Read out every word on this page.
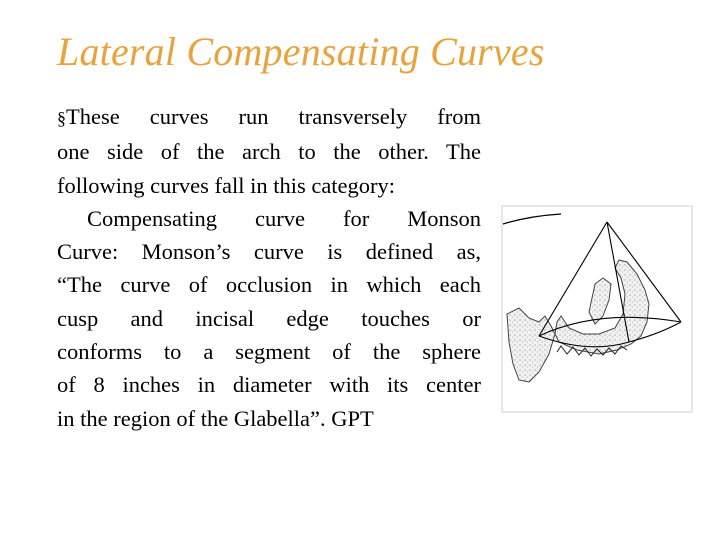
Lateral Compensating Curves
§These curves run transversely from
one side of the arch to the other. The
following curves fall in this category:
Compensating curve for Monson
Curve: Monson’s curve is defined as,
“The curve of occlusion in which each
cusp and incisal edge touches or
conforms to a segment of the sphere
of 8 inches in diameter with its center
in the region of the Glabella”. GPT
